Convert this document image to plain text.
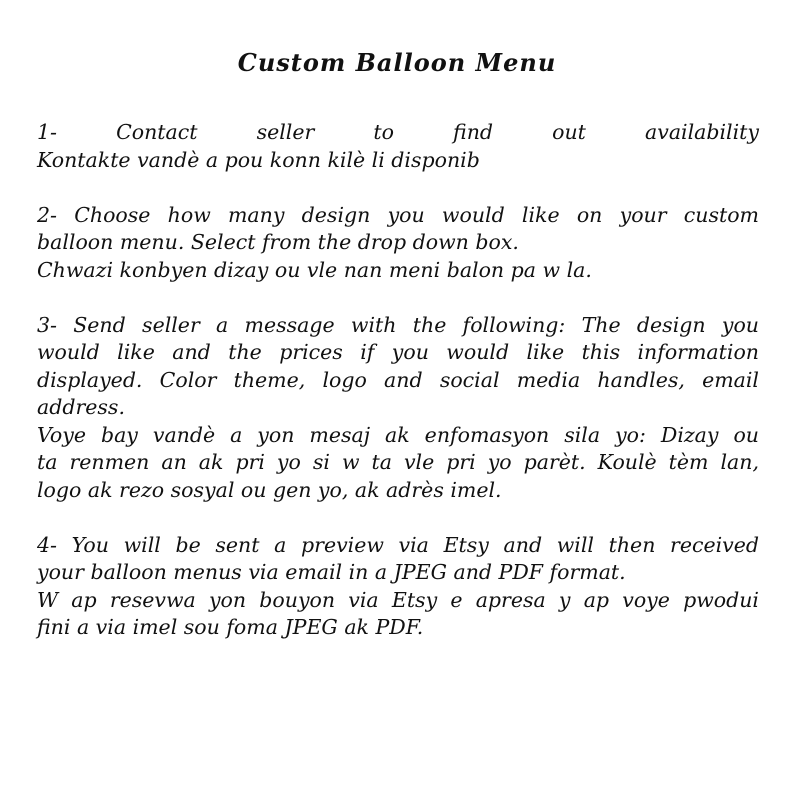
Custom Balloon Menu
1- Contact seller to find out availability
Kontakte vandè a pou konn kilè li disponib
2- Choose how many design you would like on your custom
balloon menu. Select from the drop down box.
Chwazi konbyen dizay ou vle nan meni balon pa w la.
3- Send seller a message with the following: The design you
would like and the prices if you would like this information
displayed. Color theme, logo and social media handles, email
address.
Voye bay vandè a yon mesaj ak enfomasyon sila yo: Dizay ou
ta renmen an ak pri yo si w ta vle pri yo parèt. Koulè tèm lan,
logo ak rezo sosyal ou gen yo, ak adrès imel.
4- You will be sent a preview via Etsy and will then received
your balloon menus via email in a JPEG and PDF format.
W ap resevwa yon bouyon via Etsy e apresa y ap voye pwodui
fini a via imel sou foma JPEG ak PDF.
